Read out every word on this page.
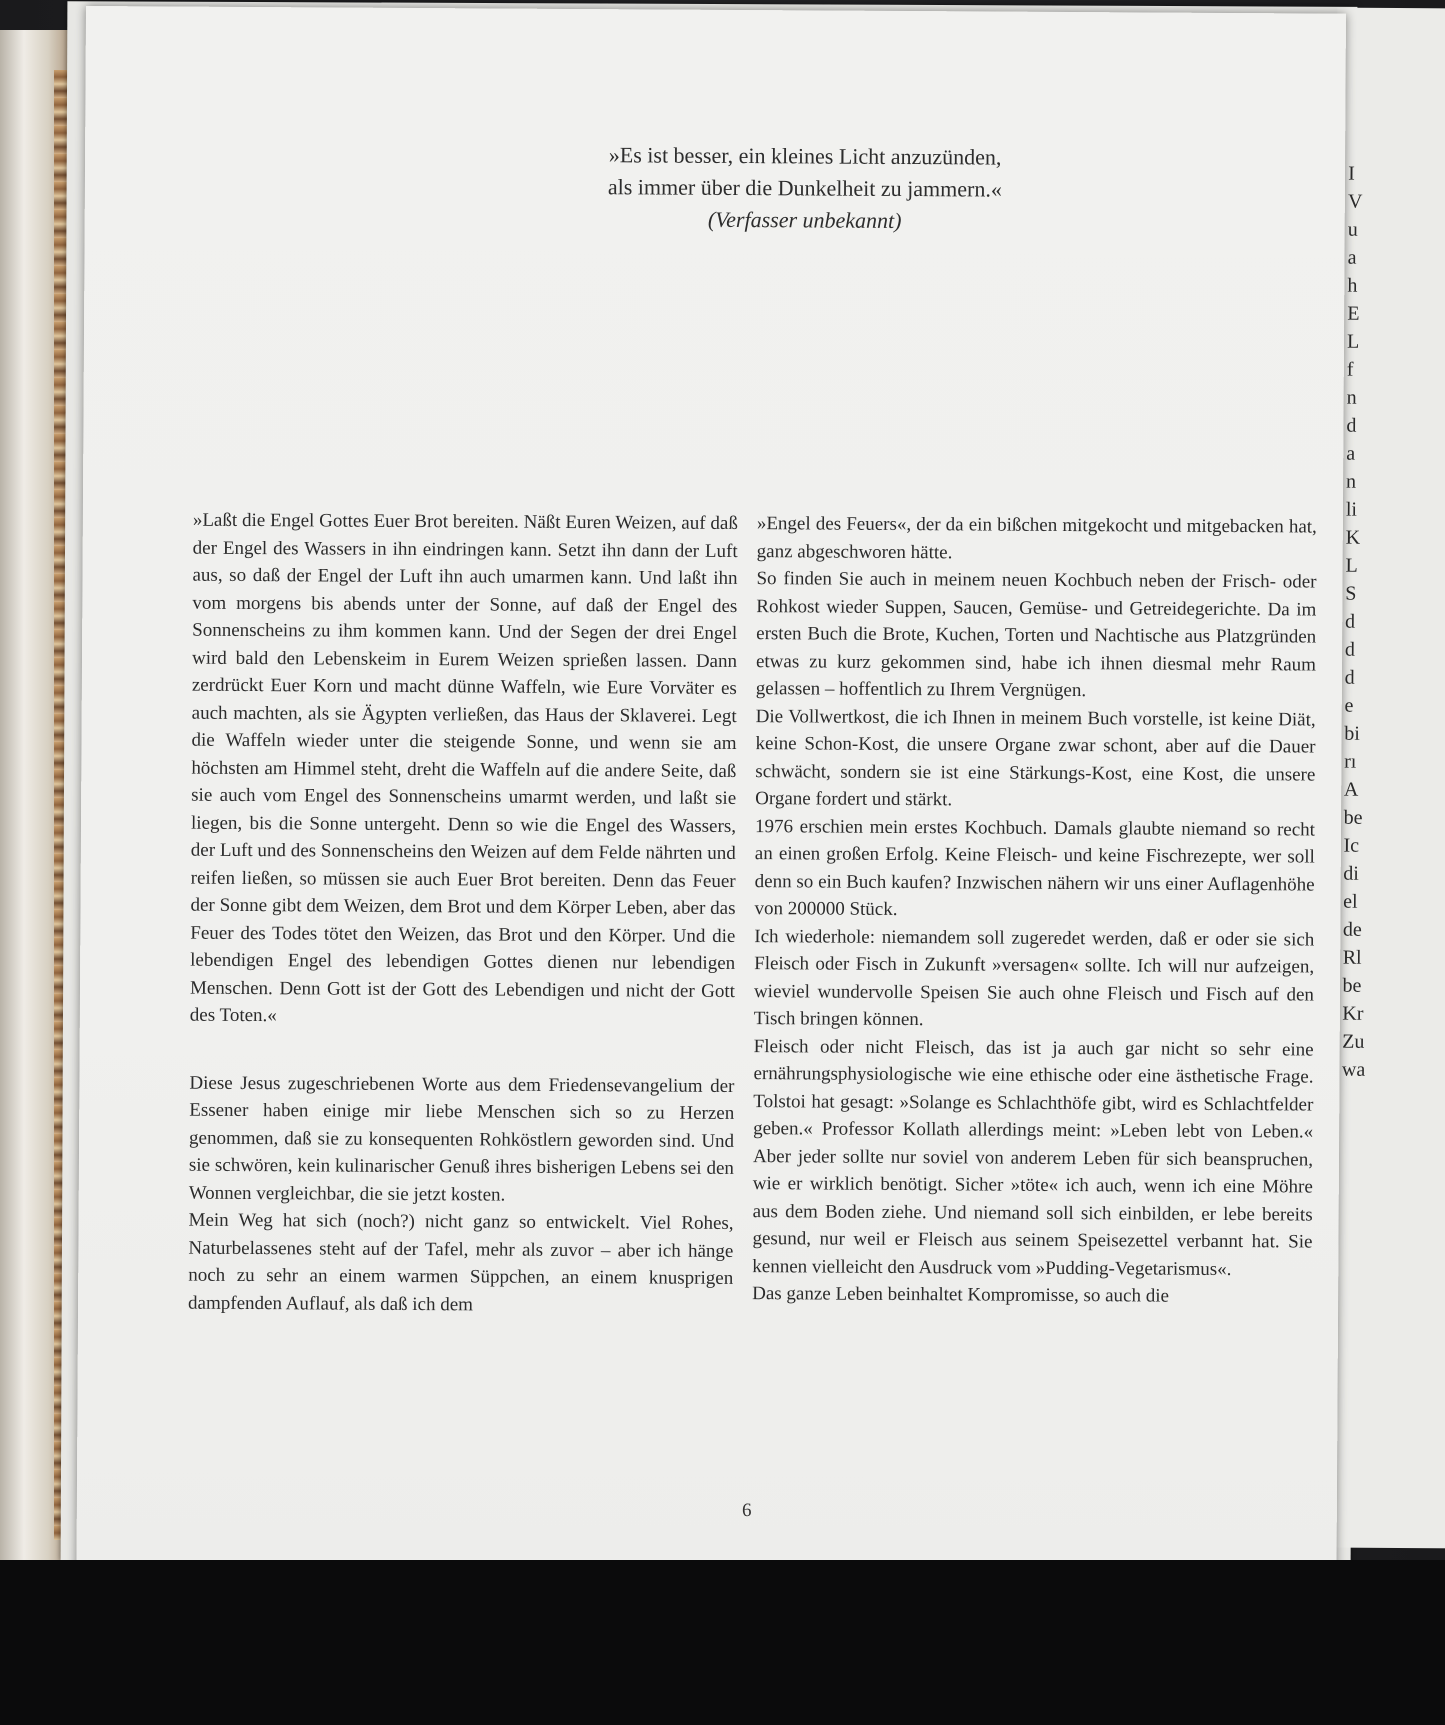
I
V
u
a
h
E
L
f
n
d
a
n
li
K
L
S
d
d
d
e
bi
rı
A
be
Ic
di
el
de
Rl
be
Kr
Zu
wa
»Es ist besser, ein kleines Licht anzuzünden,
als immer über die Dunkelheit zu jammern.«
(Verfasser unbekannt)

»Laßt die Engel Gottes Euer Brot bereiten. Näßt Euren Weizen, auf daß der Engel des Wassers in ihn eindringen kann. Setzt ihn dann der Luft aus, so daß der Engel der Luft ihn auch umarmen kann. Und laßt ihn vom morgens bis abends unter der Sonne, auf daß der Engel des Sonnenscheins zu ihm kommen kann. Und der Segen der drei Engel wird bald den Lebenskeim in Eurem Weizen sprießen lassen. Dann zerdrückt Euer Korn und macht dünne Waffeln, wie Eure Vorväter es auch machten, als sie Ägypten verließen, das Haus der Sklaverei. Legt die Waffeln wieder unter die steigende Sonne, und wenn sie am höchsten am Himmel steht, dreht die Waffeln auf die andere Seite, daß sie auch vom Engel des Sonnenscheins umarmt werden, und laßt sie liegen, bis die Sonne untergeht. Denn so wie die Engel des Wassers, der Luft und des Sonnenscheins den Weizen auf dem Felde nährten und reifen ließen, so müssen sie auch Euer Brot bereiten. Denn das Feuer der Sonne gibt dem Weizen, dem Brot und dem Körper Leben, aber das Feuer des Todes tötet den Weizen, das Brot und den Körper. Und die lebendigen Engel des lebendigen Gottes dienen nur lebendigen Menschen. Denn Gott ist der Gott des Lebendigen und nicht der Gott des Toten.«

Diese Jesus zugeschriebenen Worte aus dem Friedensevangelium der Essener haben einige mir liebe Menschen sich so zu Herzen genommen, daß sie zu konsequenten Rohköstlern geworden sind. Und sie schwören, kein kulinarischer Genuß ihres bisherigen Lebens sei den Wonnen vergleichbar, die sie jetzt kosten.

Mein Weg hat sich (noch?) nicht ganz so entwickelt. Viel Rohes, Naturbelassenes steht auf der Tafel, mehr als zuvor – aber ich hänge noch zu sehr an einem warmen Süppchen, an einem knusprigen dampfenden Auflauf, als daß ich dem

»Engel des Feuers«, der da ein bißchen mitgekocht und mitgebacken hat, ganz abgeschworen hätte.

So finden Sie auch in meinem neuen Kochbuch neben der Frisch- oder Rohkost wieder Suppen, Saucen, Gemüse- und Getreidegerichte. Da im ersten Buch die Brote, Kuchen, Torten und Nachtische aus Platzgründen etwas zu kurz gekommen sind, habe ich ihnen diesmal mehr Raum gelassen – hoffentlich zu Ihrem Vergnügen.

Die Vollwertkost, die ich Ihnen in meinem Buch vorstelle, ist keine Diät, keine Schon-Kost, die unsere Organe zwar schont, aber auf die Dauer schwächt, sondern sie ist eine Stärkungs-Kost, eine Kost, die unsere Organe fordert und stärkt.

1976 erschien mein erstes Kochbuch. Damals glaubte niemand so recht an einen großen Erfolg. Keine Fleisch- und keine Fischrezepte, wer soll denn so ein Buch kaufen? Inzwischen nähern wir uns einer Auflagenhöhe von 200000 Stück.

Ich wiederhole: niemandem soll zugeredet werden, daß er oder sie sich Fleisch oder Fisch in Zukunft »versagen« sollte. Ich will nur aufzeigen, wieviel wundervolle Speisen Sie auch ohne Fleisch und Fisch auf den Tisch bringen können.

Fleisch oder nicht Fleisch, das ist ja auch gar nicht so sehr eine ernährungsphysiologische wie eine ethische oder eine ästhetische Frage. Tolstoi hat gesagt: »Solange es Schlachthöfe gibt, wird es Schlachtfelder geben.« Professor Kollath allerdings meint: »Leben lebt von Leben.« Aber jeder sollte nur soviel von anderem Leben für sich beanspruchen, wie er wirklich benötigt. Sicher »töte« ich auch, wenn ich eine Möhre aus dem Boden ziehe. Und niemand soll sich einbilden, er lebe bereits gesund, nur weil er Fleisch aus seinem Speisezettel verbannt hat. Sie kennen vielleicht den Ausdruck vom »Pudding-Vegetarismus«.

Das ganze Leben beinhaltet Kompromisse, so auch die

6
